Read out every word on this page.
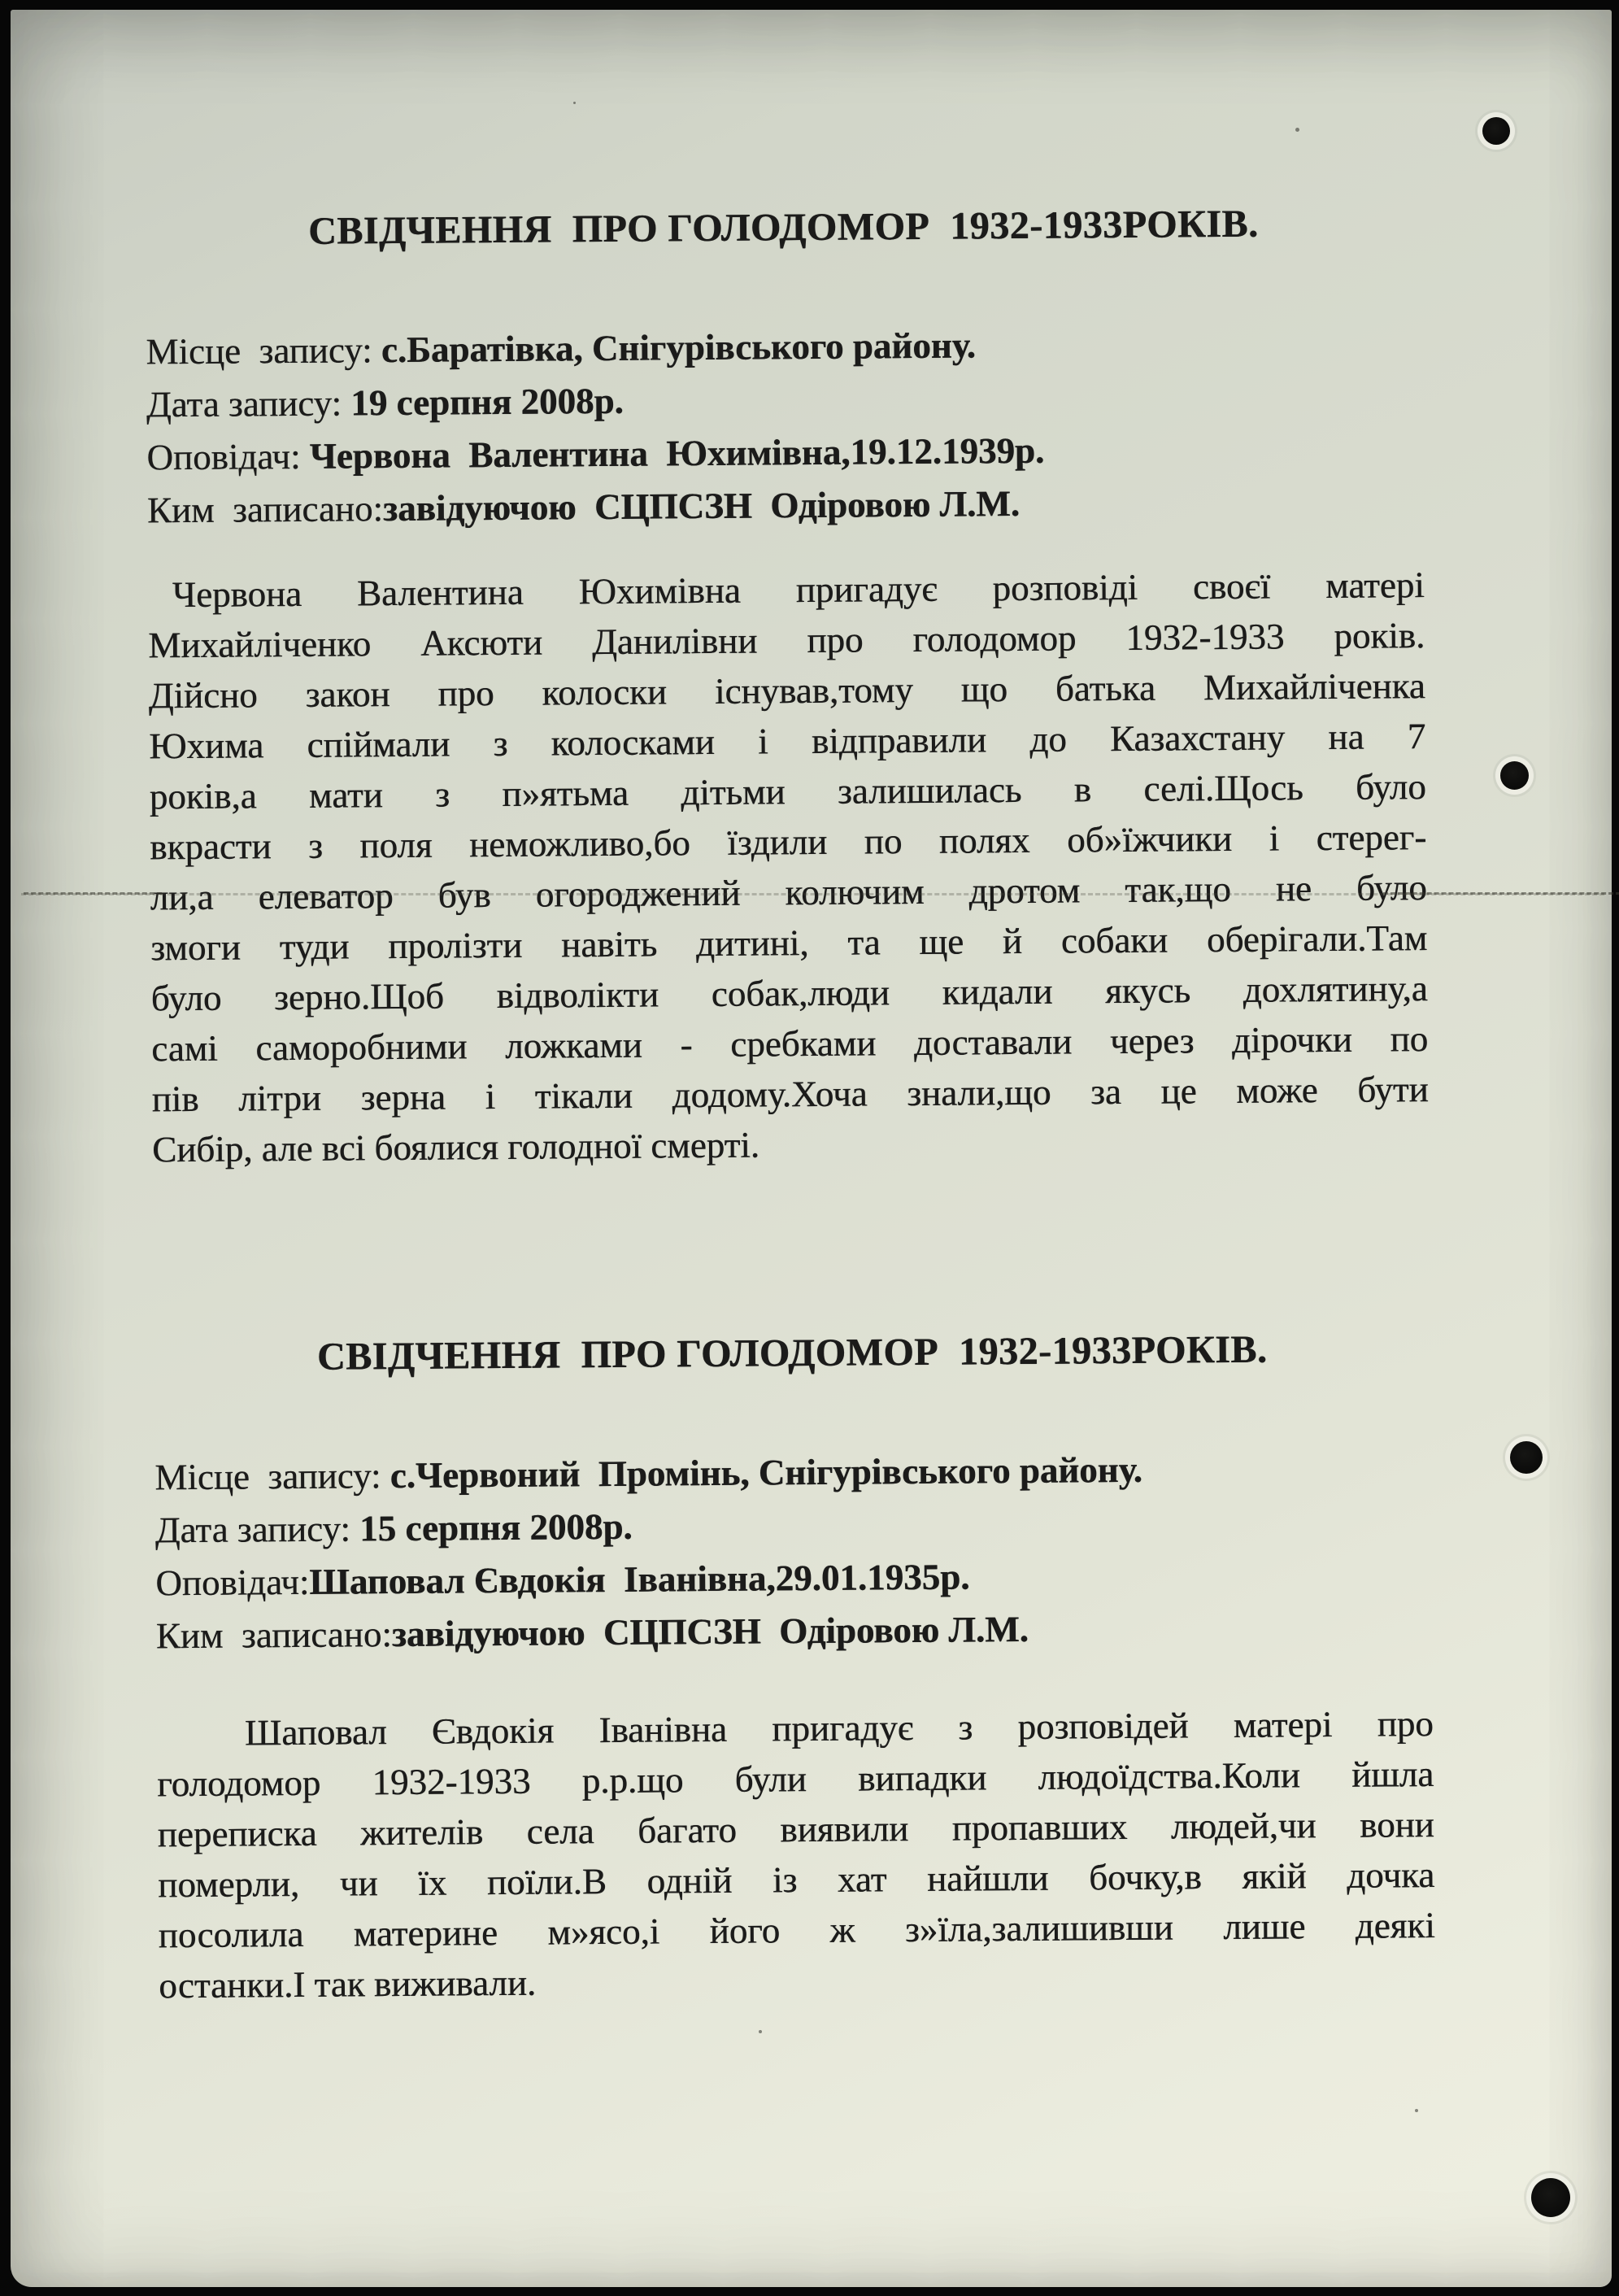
СВІДЧЕННЯ  ПРО ГОЛОДОМОР  1932-1933РОКІВ.
Місце  запису: с.Баратівка, Снігурівського району.
Дата запису: 19 серпня 2008р.
Оповідач: Червона  Валентина  Юхимівна,19.12.1939р.
Ким  записано:завідуючою  СЦПСЗН  Одіровою Л.М.
Червона Валентина Юхимівна пригадує розповіді своєї матері
Михайліченко Аксюти Данилівни про голодомор 1932-1933 років.
Дійсно закон про колоски існував,тому що батька Михайліченка
Юхима спіймали з колосками і відправили до Казахстану на 7
років,а мати з п»ятьма дітьми залишилась в селі.Щось було
вкрасти з поля неможливо,бо їздили по полях об»їжчики і стерег-
ли,а елеватор був огороджений колючим дротом так,що не було
змоги туди пролізти навіть дитині, та ще й собаки оберігали.Там
було зерно.Щоб відволікти собак,люди кидали якусь дохлятину,а
самі саморобними ложками - сребками доставали через дірочки по
пів літри зерна і тікали додому.Хоча знали,що за це може бути
Сибір, але всі боялися голодної смерті.
СВІДЧЕННЯ  ПРО ГОЛОДОМОР  1932-1933РОКІВ.
Місце  запису: с.Червоний  Промінь, Снігурівського району.
Дата запису: 15 серпня 2008р.
Оповідач:Шаповал Євдокія  Іванівна,29.01.1935р.
Ким  записано:завідуючою  СЦПСЗН  Одіровою Л.М.
Шаповал Євдокія Іванівна пригадує з розповідей матері про
голодомор 1932-1933 р.р.що були випадки людоїдства.Коли йшла
переписка жителів села багато виявили пропавших людей,чи вони
померли, чи їх поїли.В одній із хат найшли бочку,в якій дочка
посолила материне м»ясо,і його ж з»їла,залишивши лише деякі
останки.І так виживали.
